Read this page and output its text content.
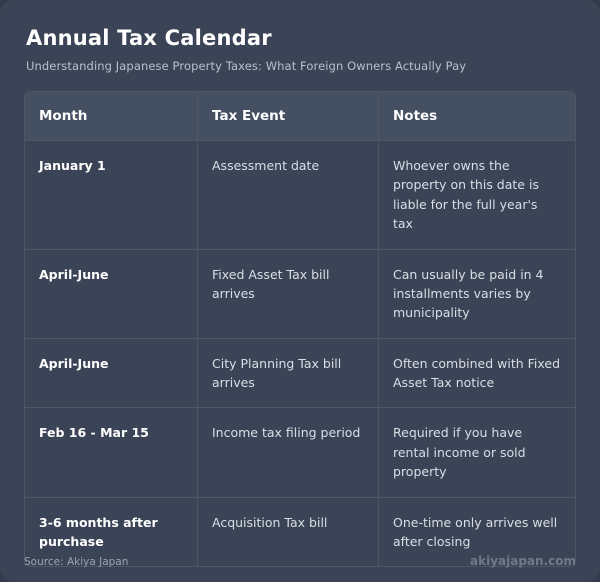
Annual Tax Calendar
Understanding Japanese Property Taxes: What Foreign Owners Actually Pay
Month	Tax Event	Notes
January 1	Assessment date	Whoever owns the property on this date is liable for the full year's tax
April-June	Fixed Asset Tax bill arrives	Can usually be paid in 4 installments varies by municipality
April-June	City Planning Tax bill arrives	Often combined with Fixed Asset Tax notice
Feb 16 - Mar 15	Income tax filing period	Required if you have rental income or sold property
3-6 months after purchase	Acquisition Tax bill	One-time only arrives well after closing
Source: Akiya Japan	akiyajapan.com
